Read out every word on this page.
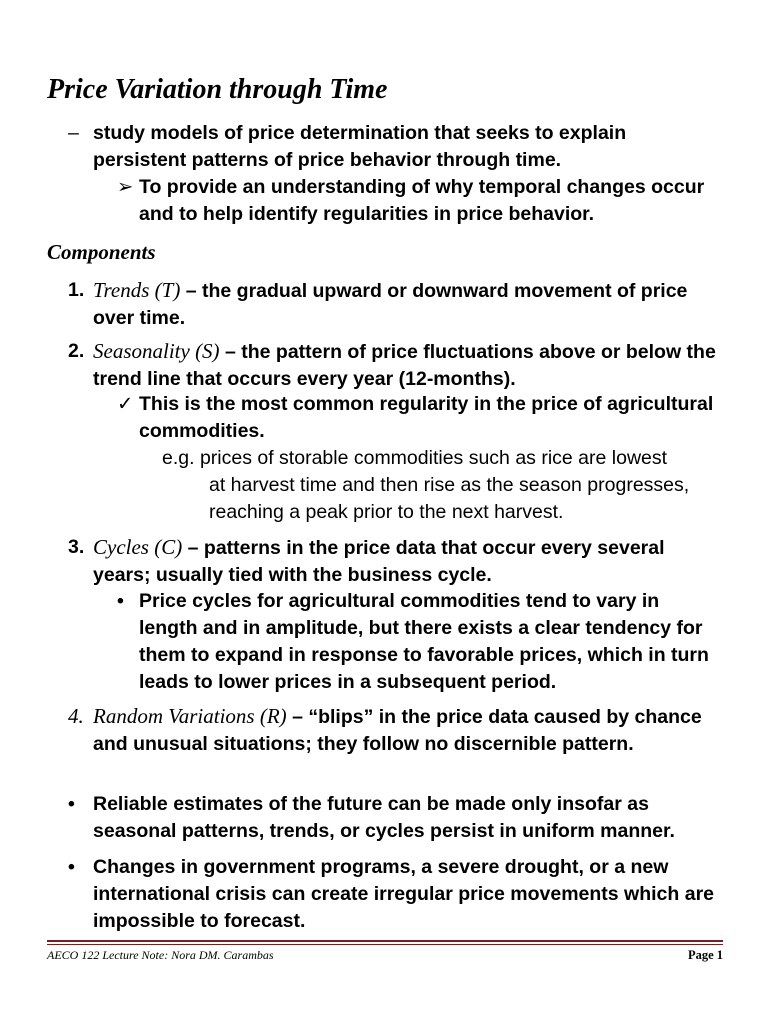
Price Variation through Time
– study models of price determination that seeks to explain persistent patterns of price behavior through time.
➢ To provide an understanding of why temporal changes occur and to help identify regularities in price behavior.
Components
1. Trends (T) – the gradual upward or downward movement of price over time.
2. Seasonality (S) – the pattern of price fluctuations above or below the trend line that occurs every year (12-months).
✓ This is the most common regularity in the price of agricultural commodities.
e.g. prices of storable commodities such as rice are lowest
at harvest time and then rise as the season progresses, reaching a peak prior to the next harvest.
3. Cycles (C) – patterns in the price data that occur every several years; usually tied with the business cycle.
• Price cycles for agricultural commodities tend to vary in length and in amplitude, but there exists a clear tendency for them to expand in response to favorable prices, which in turn leads to lower prices in a subsequent period.
4. Random Variations (R) – “blips” in the price data caused by chance and unusual situations; they follow no discernible pattern.
• Reliable estimates of the future can be made only insofar as seasonal patterns, trends, or cycles persist in uniform manner.
• Changes in government programs, a severe drought, or a new international crisis can create irregular price movements which are impossible to forecast.
AECO 122 Lecture Note: Nora DM. Carambas	Page 1
